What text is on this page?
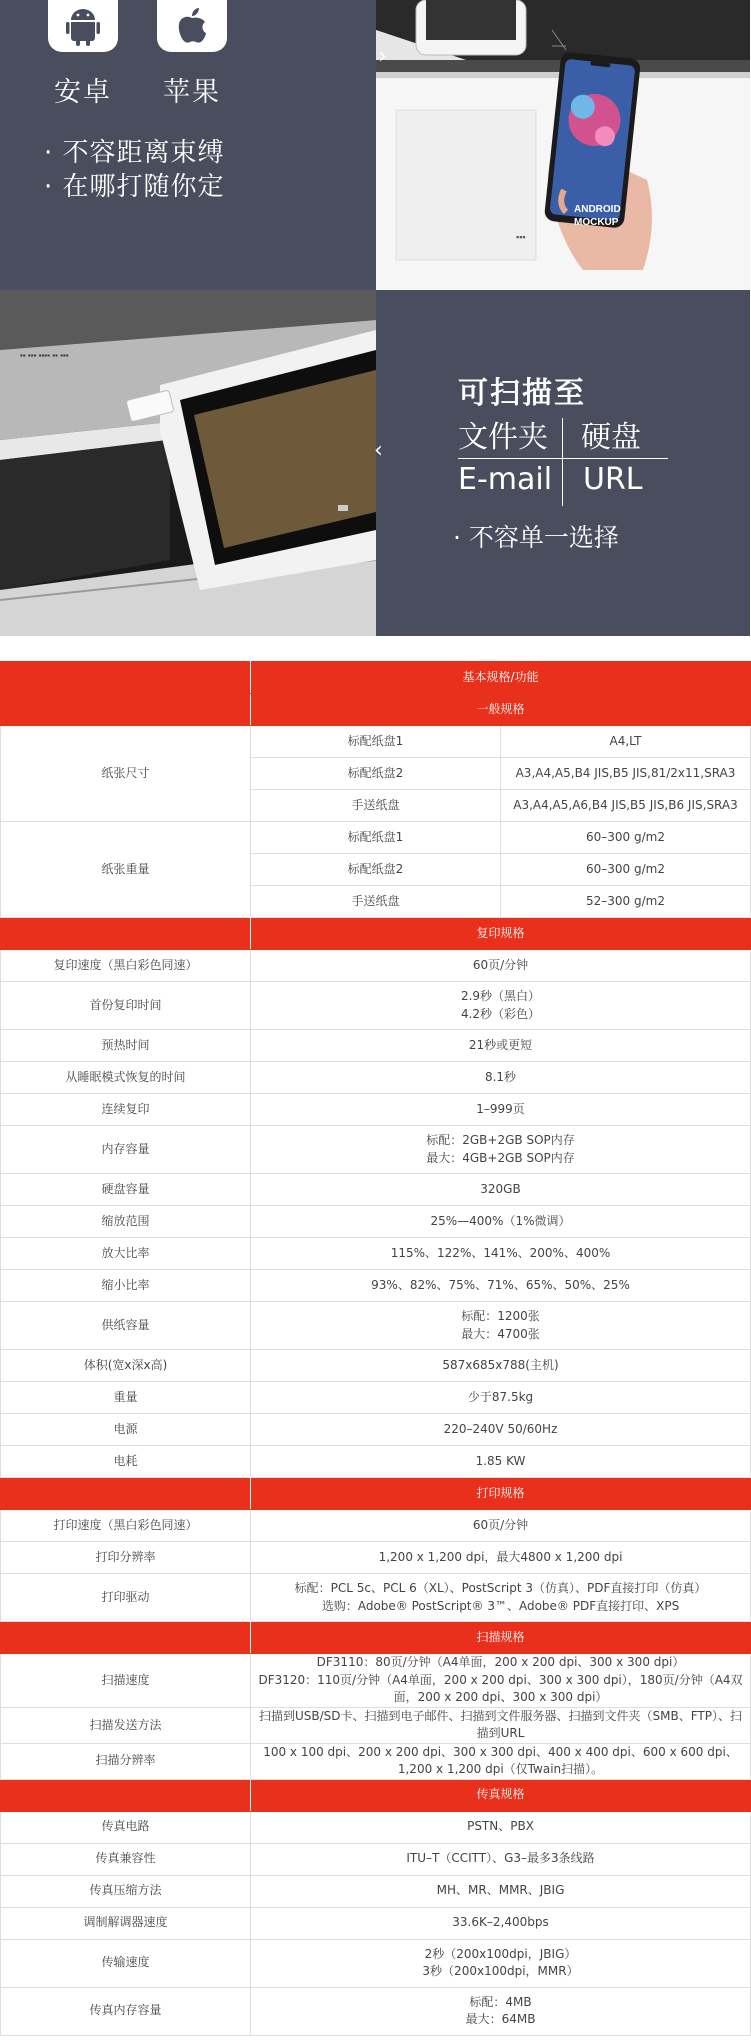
安卓	苹果
· 不容距离束缚
· 在哪打随你定
▪▪▪
ANDROID
MOCKUP
›
▪▪ ▪▪▪ ▪▪▪▪ ▪▪ ▪▪▪
‹
可扫描至
文件夹 硬盘
E-mail URL
· 不容单一选择
	基本规格/功能	
	一般规格	
纸张尺寸	标配纸盘1	A4,LT
	标配纸盘2	A3,A4,A5,B4 JIS,B5 JIS,81/2x11,SRA3
	手送纸盘	A3,A4,A5,A6,B4 JIS,B5 JIS,B6 JIS,SRA3
纸张重量	标配纸盘1	60–300 g/m2
	标配纸盘2	60–300 g/m2
	手送纸盘	52–300 g/m2
	复印规格	
复印速度（黑白彩色同速）	60页/分钟	

首份复印时间	2.9秒（黑白）
4.2秒（彩色）	

预热时间	21秒或更短	

从睡眠模式恢复的时间	8.1秒	

连续复印	1–999页	

内存容量	标配：2GB+2GB SOP内存
最大：4GB+2GB SOP内存	

硬盘容量	320GB	

缩放范围	25%—400%（1%微调）	

放大比率	115%、122%、141%、200%、400%	

缩小比率	93%、82%、75%、71%、65%、50%、25%	

供纸容量	标配：1200张
最大：4700张	

体积(宽x深x高)	587x685x788(主机)	

重量	少于87.5kg	

电源	220–240V 50/60Hz	

电耗	1.85 KW	

	打印规格	
打印速度（黑白彩色同速）	60页/分钟	

打印分辨率	1,200 x 1,200 dpi，最大4800 x 1,200 dpi	

打印驱动	标配：PCL 5c、PCL 6（XL）、PostScript 3（仿真）、PDF直接打印（仿真）
选购：Adobe® PostScript® 3™、Adobe® PDF直接打印、XPS	

	扫描规格	
扫描速度	DF3110：80页/分钟（A4单面，200 x 200 dpi、300 x 300 dpi）
DF3120：110页/分钟（A4单面，200 x 200 dpi、300 x 300 dpi），180页/分钟（A4双面，200 x 200 dpi、300 x 300 dpi）	

扫描发送方法	扫描到USB/SD卡、扫描到电子邮件、扫描到文件服务器、扫描到文件夹（SMB、FTP）、扫描到URL	

扫描分辨率	100 x 100 dpi、200 x 200 dpi、300 x 300 dpi、400 x 400 dpi、600 x 600 dpi、1,200 x 1,200 dpi（仅Twain扫描）。	

	传真规格	
传真电路	PSTN、PBX	

传真兼容性	ITU–T（CCITT）、G3–最多3条线路	

传真压缩方法	MH、MR、MMR、JBIG	

调制解调器速度	33.6K–2,400bps	

传输速度	2秒（200x100dpi，JBIG）
3秒（200x100dpi，MMR）	

传真内存容量	标配：4MB
最大：64MB	
